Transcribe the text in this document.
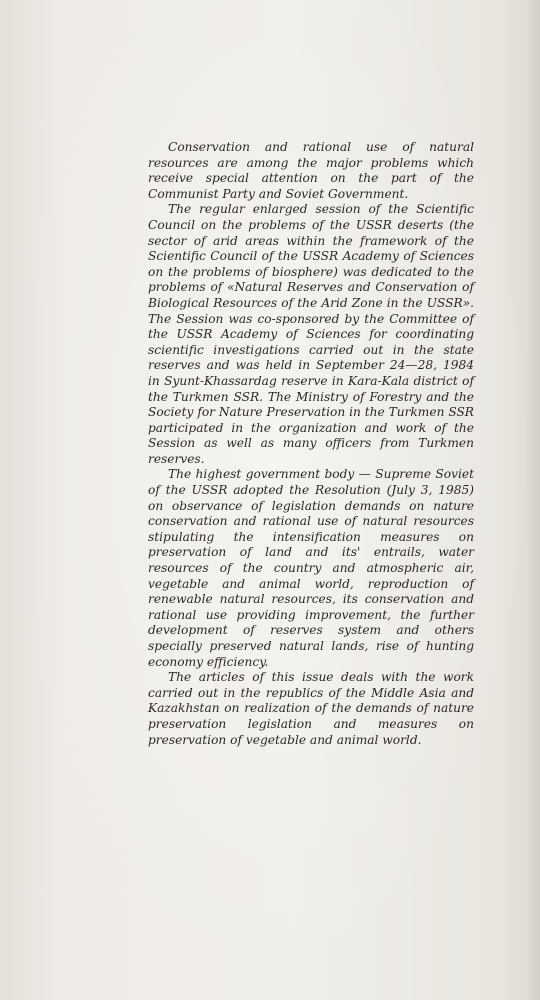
Conservation and rational use of natural resources are among the major problems which receive special attention on the part of the Communist Party and Soviet Government.

The regular enlarged session of the Scientific Council on the problems of the USSR deserts (the sector of arid areas within the framework of the Scientific Council of the USSR Academy of Sciences on the problems of biosphere) was dedicated to the problems of «Natural Reserves and Conservation of Biological Resources of the Arid Zone in the USSR». The Session was co-sponsored by the Committee of the USSR Academy of Sciences for coordinating scientific investigations carried out in the state reserves and was held in September 24—28, 1984 in Syunt-Khassardag reserve in Kara-Kala district of the Turkmen SSR. The Ministry of Forestry and the Society for Nature Preservation in the Turkmen SSR participated in the organization and work of the Session as well as many officers from Turkmen reserves.

The highest government body — Supreme Soviet of the USSR adopted the Resolution (July 3, 1985) on observance of legislation demands on nature conservation and rational use of natural resources stipulating the intensification measures on preservation of land and its' entrails, water resources of the country and atmospheric air, vegetable and animal world, reproduction of renewable natural resources, its conservation and rational use providing improvement, the further development of reserves system and others specially preserved natural lands, rise of hunting economy efficiency.

The articles of this issue deals with the work carried out in the republics of the Middle Asia and Kazakhstan on realization of the demands of nature preservation legislation and measures on preservation of vegetable and animal world.
